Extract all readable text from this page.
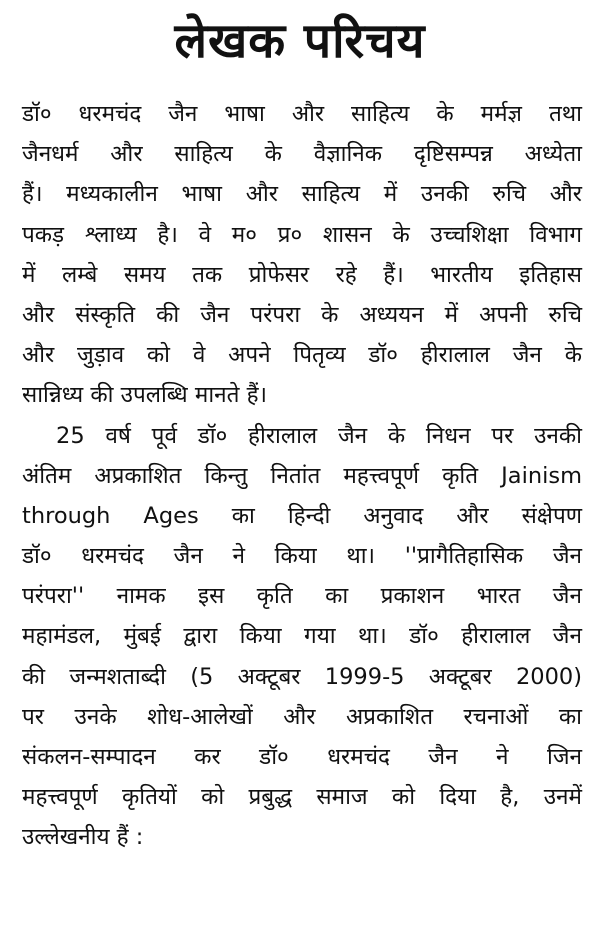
लेखक परिचय
डॉ० धरमचंद जैन भाषा और साहित्य के मर्मज्ञ तथा
जैनधर्म और साहित्य के वैज्ञानिक दृष्टिसम्पन्न अध्येता
हैं। मध्यकालीन भाषा और साहित्य में उनकी रुचि और
पकड़ श्लाध्य है। वे म० प्र० शासन के उच्चशिक्षा विभाग
में लम्बे समय तक प्रोफेसर रहे हैं। भारतीय इतिहास
और संस्कृति की जैन परंपरा के अध्ययन में अपनी रुचि
और जुड़ाव को वे अपने पितृव्य डॉ० हीरालाल जैन के
सान्निध्य की उपलब्धि मानते हैं।
25 वर्ष पूर्व डॉ० हीरालाल जैन के निधन पर उनकी
अंतिम अप्रकाशित किन्तु नितांत महत्त्वपूर्ण कृति Jainism
through Ages का हिन्दी अनुवाद और संक्षेपण
डॉ० धरमचंद जैन ने किया था। ''प्रागैतिहासिक जैन
परंपरा'' नामक इस कृति का प्रकाशन भारत जैन
महामंडल, मुंबई द्वारा किया गया था। डॉ० हीरालाल जैन
की जन्मशताब्दी (5 अक्टूबर 1999-5 अक्टूबर 2000)
पर उनके शोध-आलेखों और अप्रकाशित रचनाओं का
संकलन-सम्पादन कर डॉ० धरमचंद जैन ने जिन
महत्त्वपूर्ण कृतियों को प्रबुद्ध समाज को दिया है, उनमें
उल्लेखनीय हैं :
